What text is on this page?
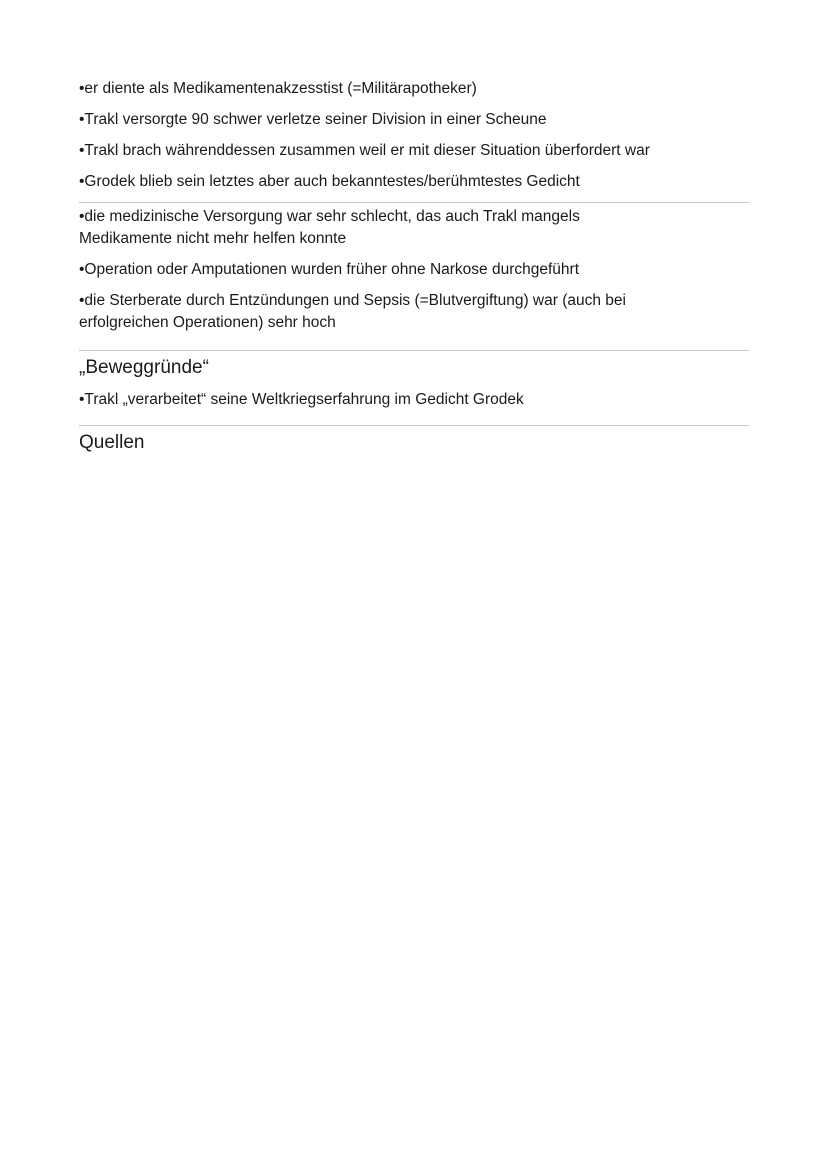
•er diente als Medikamentenakzesstist (=Militärapotheker)

•Trakl versorgte 90 schwer verletze seiner Division in einer Scheune

•Trakl brach währenddessen zusammen weil er mit dieser Situation überfordert war

•Grodek blieb sein letztes aber auch bekanntestes/berühmtestes Gedicht

•die medizinische Versorgung war sehr schlecht, das auch Trakl mangels Medikamente nicht mehr helfen konnte

•Operation oder Amputationen wurden früher ohne Narkose durchgeführt

•die Sterberate durch Entzündungen und Sepsis (=Blutvergiftung) war (auch bei erfolgreichen Operationen) sehr hoch

„Beweggründe“

•Trakl „verarbeitet“ seine Weltkriegserfahrung im Gedicht Grodek

Quellen
